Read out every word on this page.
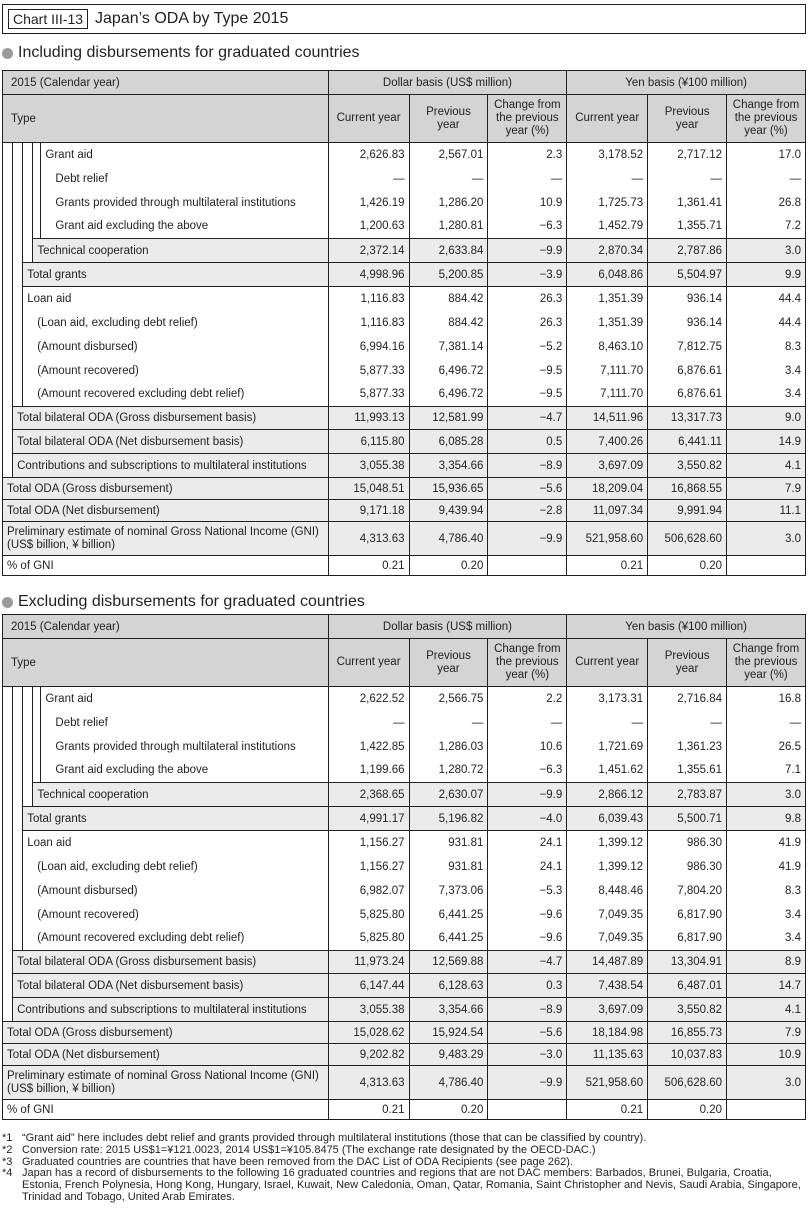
Chart III-13 Japan’s ODA by Type 2015
Including disbursements for graduated countries
2015 (Calendar year)					Dollar basis (US$ million)			Yen basis (¥100 million)		
Type					Current year	Previous year	Change from the previous year (%)	Current year	Previous year	Change from the previous year (%)
				Grant aid	2,626.83	2,567.01	2.3	3,178.52	2,717.12	17.0
				Debt relief	—	—	—	—	—	—
				Grants provided through multilateral institutions	1,426.19	1,286.20	10.9	1,725.73	1,361.41	26.8
				Grant aid excluding the above	1,200.63	1,280.81	−6.3	1,452.79	1,355.71	7.2
			Technical cooperation		2,372.14	2,633.84	−9.9	2,870.34	2,787.86	3.0
		Total grants			4,998.96	5,200.85	−3.9	6,048.86	5,504.97	9.9
		Loan aid			1,116.83	884.42	26.3	1,351.39	936.14	44.4
		(Loan aid, excluding debt relief)			1,116.83	884.42	26.3	1,351.39	936.14	44.4
		(Amount disbursed)			6,994.16	7,381.14	−5.2	8,463.10	7,812.75	8.3
		(Amount recovered)			5,877.33	6,496.72	−9.5	7,111.70	6,876.61	3.4
		(Amount recovered excluding debt relief)			5,877.33	6,496.72	−9.5	7,111.70	6,876.61	3.4
	Total bilateral ODA (Gross disbursement basis)				11,993.13	12,581.99	−4.7	14,511.96	13,317.73	9.0
	Total bilateral ODA (Net disbursement basis)				6,115.80	6,085.28	0.5	7,400.26	6,441.11	14.9
	Contributions and subscriptions to multilateral institutions				3,055.38	3,354.66	−8.9	3,697.09	3,550.82	4.1
Total ODA (Gross disbursement)					15,048.51	15,936.65	−5.6	18,209.04	16,868.55	7.9
Total ODA (Net disbursement)					9,171.18	9,439.94	−2.8	11,097.34	9,991.94	11.1
Preliminary estimate of nominal Gross National Income (GNI) (US$ billion, ¥ billion)					4,313.63	4,786.40	−9.9	521,958.60	506,628.60	3.0
% of GNI					0.21	0.20		0.21	0.20	
Excluding disbursements for graduated countries
2015 (Calendar year)					Dollar basis (US$ million)			Yen basis (¥100 million)		
Type					Current year	Previous year	Change from the previous year (%)	Current year	Previous year	Change from the previous year (%)
				Grant aid	2,622.52	2,566.75	2.2	3,173.31	2,716.84	16.8
				Debt relief	—	—	—	—	—	—
				Grants provided through multilateral institutions	1,422.85	1,286.03	10.6	1,721.69	1,361.23	26.5
				Grant aid excluding the above	1,199.66	1,280.72	−6.3	1,451.62	1,355.61	7.1
			Technical cooperation		2,368.65	2,630.07	−9.9	2,866.12	2,783.87	3.0
		Total grants			4,991.17	5,196.82	−4.0	6,039.43	5,500.71	9.8
		Loan aid			1,156.27	931.81	24.1	1,399.12	986.30	41.9
		(Loan aid, excluding debt relief)			1,156.27	931.81	24.1	1,399.12	986.30	41.9
		(Amount disbursed)			6,982.07	7,373.06	−5.3	8,448.46	7,804.20	8.3
		(Amount recovered)			5,825.80	6,441.25	−9.6	7,049.35	6,817.90	3.4
		(Amount recovered excluding debt relief)			5,825.80	6,441.25	−9.6	7,049.35	6,817.90	3.4
	Total bilateral ODA (Gross disbursement basis)				11,973.24	12,569.88	−4.7	14,487.89	13,304.91	8.9
	Total bilateral ODA (Net disbursement basis)				6,147.44	6,128.63	0.3	7,438.54	6,487.01	14.7
	Contributions and subscriptions to multilateral institutions				3,055.38	3,354.66	−8.9	3,697.09	3,550.82	4.1
Total ODA (Gross disbursement)					15,028.62	15,924.54	−5.6	18,184.98	16,855.73	7.9
Total ODA (Net disbursement)					9,202.82	9,483.29	−3.0	11,135.63	10,037.83	10.9
Preliminary estimate of nominal Gross National Income (GNI) (US$ billion, ¥ billion)					4,313.63	4,786.40	−9.9	521,958.60	506,628.60	3.0
% of GNI					0.21	0.20		0.21	0.20	
*1 “Grant aid” here includes debt relief and grants provided through multilateral institutions (those that can be classified by country).
*2 Conversion rate: 2015 US$1=¥121.0023, 2014 US$1=¥105.8475 (The exchange rate designated by the OECD-DAC.)
*3 Graduated countries are countries that have been removed from the DAC List of ODA Recipients (see page 262).
*4 Japan has a record of disbursements to the following 16 graduated countries and regions that are not DAC members: Barbados, Brunei, Bulgaria, Croatia, Estonia, French Polynesia, Hong Kong, Hungary, Israel, Kuwait, New Caledonia, Oman, Qatar, Romania, Saint Christopher and Nevis, Saudi Arabia, Singapore, Trinidad and Tobago, United Arab Emirates.
